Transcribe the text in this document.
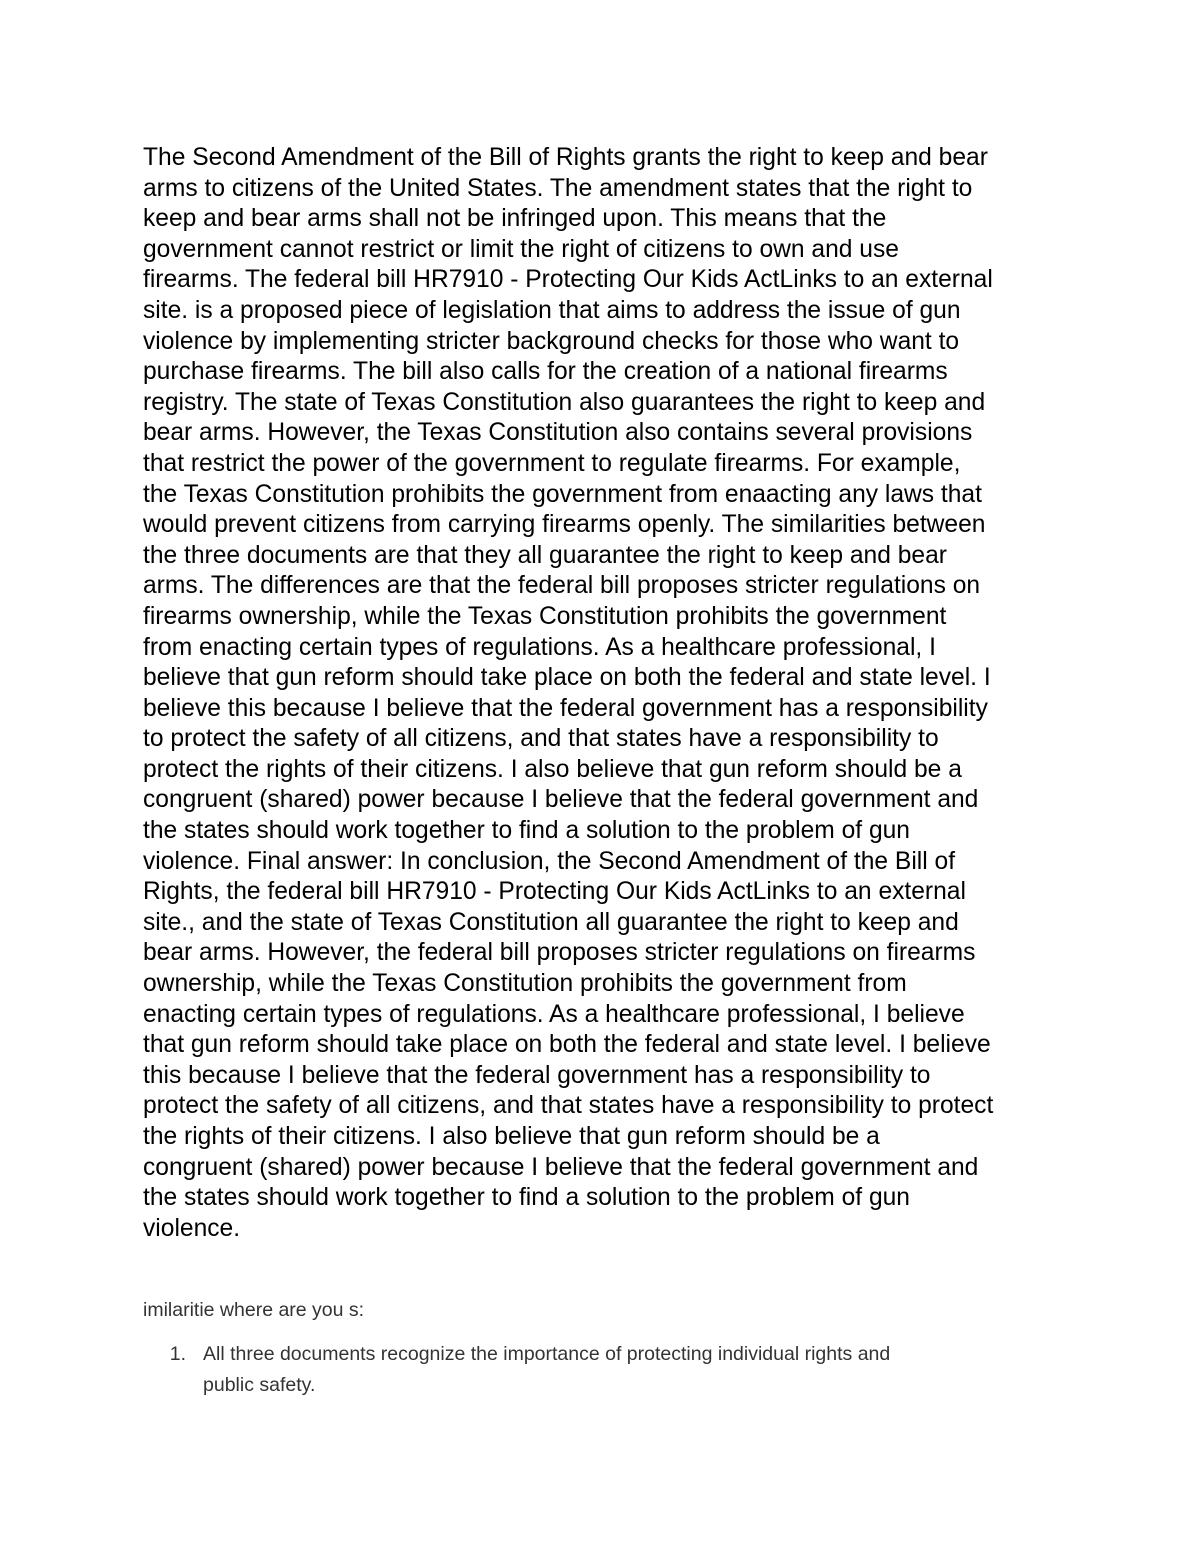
The Second Amendment of the Bill of Rights grants the right to keep and bear
arms to citizens of the United States. The amendment states that the right to
keep and bear arms shall not be infringed upon. This means that the
government cannot restrict or limit the right of citizens to own and use
firearms. The federal bill HR7910 - Protecting Our Kids ActLinks to an external
site. is a proposed piece of legislation that aims to address the issue of gun
violence by implementing stricter background checks for those who want to
purchase firearms. The bill also calls for the creation of a national firearms
registry. The state of Texas Constitution also guarantees the right to keep and
bear arms. However, the Texas Constitution also contains several provisions
that restrict the power of the government to regulate firearms. For example,
the Texas Constitution prohibits the government from enaacting any laws that
would prevent citizens from carrying firearms openly. The similarities between
the three documents are that they all guarantee the right to keep and bear
arms. The differences are that the federal bill proposes stricter regulations on
firearms ownership, while the Texas Constitution prohibits the government
from enacting certain types of regulations. As a healthcare professional, I
believe that gun reform should take place on both the federal and state level. I
believe this because I believe that the federal government has a responsibility
to protect the safety of all citizens, and that states have a responsibility to
protect the rights of their citizens. I also believe that gun reform should be a
congruent (shared) power because I believe that the federal government and
the states should work together to find a solution to the problem of gun
violence. Final answer: In conclusion, the Second Amendment of the Bill of
Rights, the federal bill HR7910 - Protecting Our Kids ActLinks to an external
site., and the state of Texas Constitution all guarantee the right to keep and
bear arms. However, the federal bill proposes stricter regulations on firearms
ownership, while the Texas Constitution prohibits the government from
enacting certain types of regulations. As a healthcare professional, I believe
that gun reform should take place on both the federal and state level. I believe
this because I believe that the federal government has a responsibility to
protect the safety of all citizens, and that states have a responsibility to protect
the rights of their citizens. I also believe that gun reform should be a
congruent (shared) power because I believe that the federal government and
the states should work together to find a solution to the problem of gun
violence.

imilaritie where are you s:

1. All three documents recognize the importance of protecting individual rights and
public safety.
